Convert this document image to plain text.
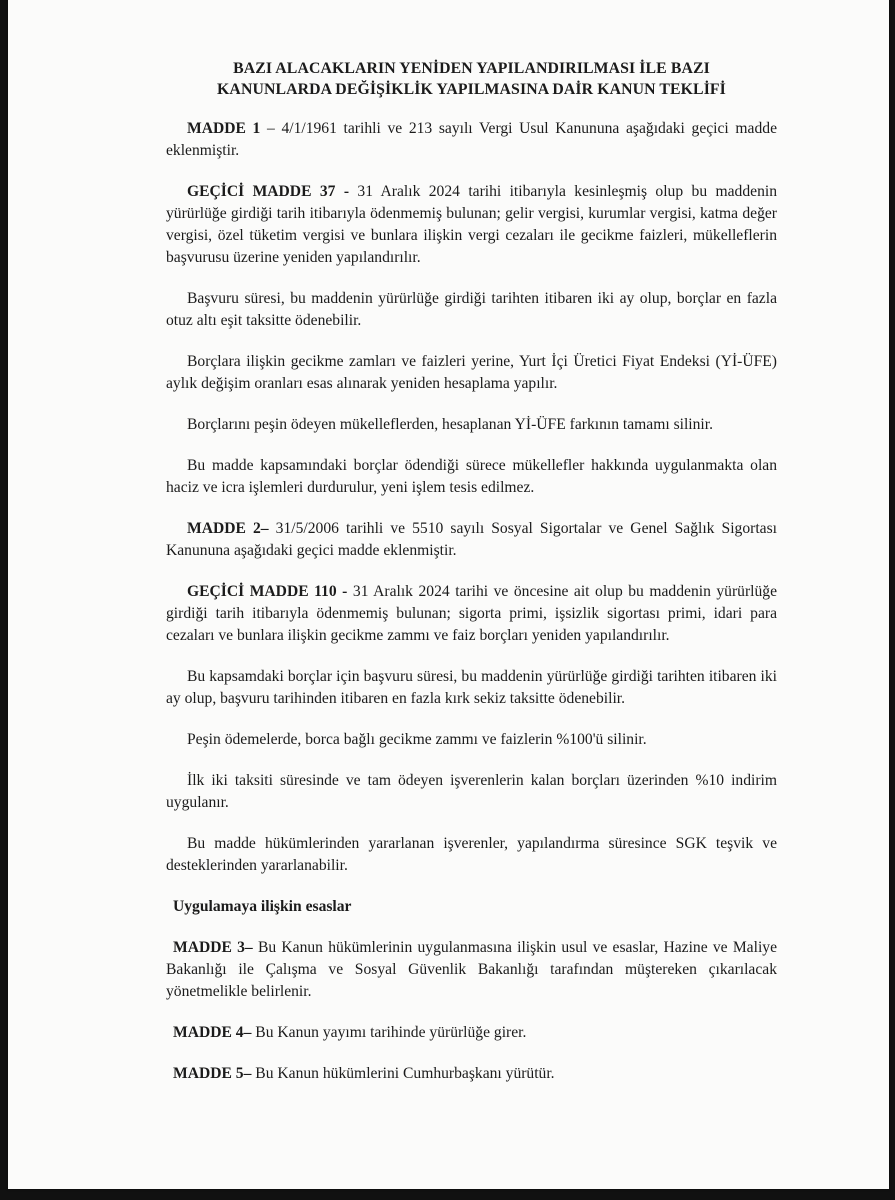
BAZI ALACAKLARIN YENİDEN YAPILANDIRILMASI İLE BAZI
KANUNLARDA DEĞİŞİKLİK YAPILMASINA DAİR KANUN TEKLİFİ

MADDE 1 – 4/1/1961 tarihli ve 213 sayılı Vergi Usul Kanununa aşağıdaki geçici madde eklenmiştir.

GEÇİCİ MADDE 37 - 31 Aralık 2024 tarihi itibarıyla kesinleşmiş olup bu maddenin yürürlüğe girdiği tarih itibarıyla ödenmemiş bulunan; gelir vergisi, kurumlar vergisi, katma değer vergisi, özel tüketim vergisi ve bunlara ilişkin vergi cezaları ile gecikme faizleri, mükelleflerin başvurusu üzerine yeniden yapılandırılır.

Başvuru süresi, bu maddenin yürürlüğe girdiği tarihten itibaren iki ay olup, borçlar en fazla otuz altı eşit taksitte ödenebilir.

Borçlara ilişkin gecikme zamları ve faizleri yerine, Yurt İçi Üretici Fiyat Endeksi (Yİ-ÜFE) aylık değişim oranları esas alınarak yeniden hesaplama yapılır.

Borçlarını peşin ödeyen mükelleflerden, hesaplanan Yİ-ÜFE farkının tamamı silinir.

Bu madde kapsamındaki borçlar ödendiği sürece mükellefler hakkında uygulanmakta olan haciz ve icra işlemleri durdurulur, yeni işlem tesis edilmez.

MADDE 2– 31/5/2006 tarihli ve 5510 sayılı Sosyal Sigortalar ve Genel Sağlık Sigortası Kanununa aşağıdaki geçici madde eklenmiştir.

GEÇİCİ MADDE 110 - 31 Aralık 2024 tarihi ve öncesine ait olup bu maddenin yürürlüğe girdiği tarih itibarıyla ödenmemiş bulunan; sigorta primi, işsizlik sigortası primi, idari para cezaları ve bunlara ilişkin gecikme zammı ve faiz borçları yeniden yapılandırılır.

Bu kapsamdaki borçlar için başvuru süresi, bu maddenin yürürlüğe girdiği tarihten itibaren iki ay olup, başvuru tarihinden itibaren en fazla kırk sekiz taksitte ödenebilir.

Peşin ödemelerde, borca bağlı gecikme zammı ve faizlerin %100'ü silinir.

İlk iki taksiti süresinde ve tam ödeyen işverenlerin kalan borçları üzerinden %10 indirim uygulanır.

Bu madde hükümlerinden yararlanan işverenler, yapılandırma süresince SGK teşvik ve desteklerinden yararlanabilir.

Uygulamaya ilişkin esaslar

MADDE 3– Bu Kanun hükümlerinin uygulanmasına ilişkin usul ve esaslar, Hazine ve Maliye Bakanlığı ile Çalışma ve Sosyal Güvenlik Bakanlığı tarafından müştereken çıkarılacak yönetmelikle belirlenir.

MADDE 4– Bu Kanun yayımı tarihinde yürürlüğe girer.

MADDE 5– Bu Kanun hükümlerini Cumhurbaşkanı yürütür.
